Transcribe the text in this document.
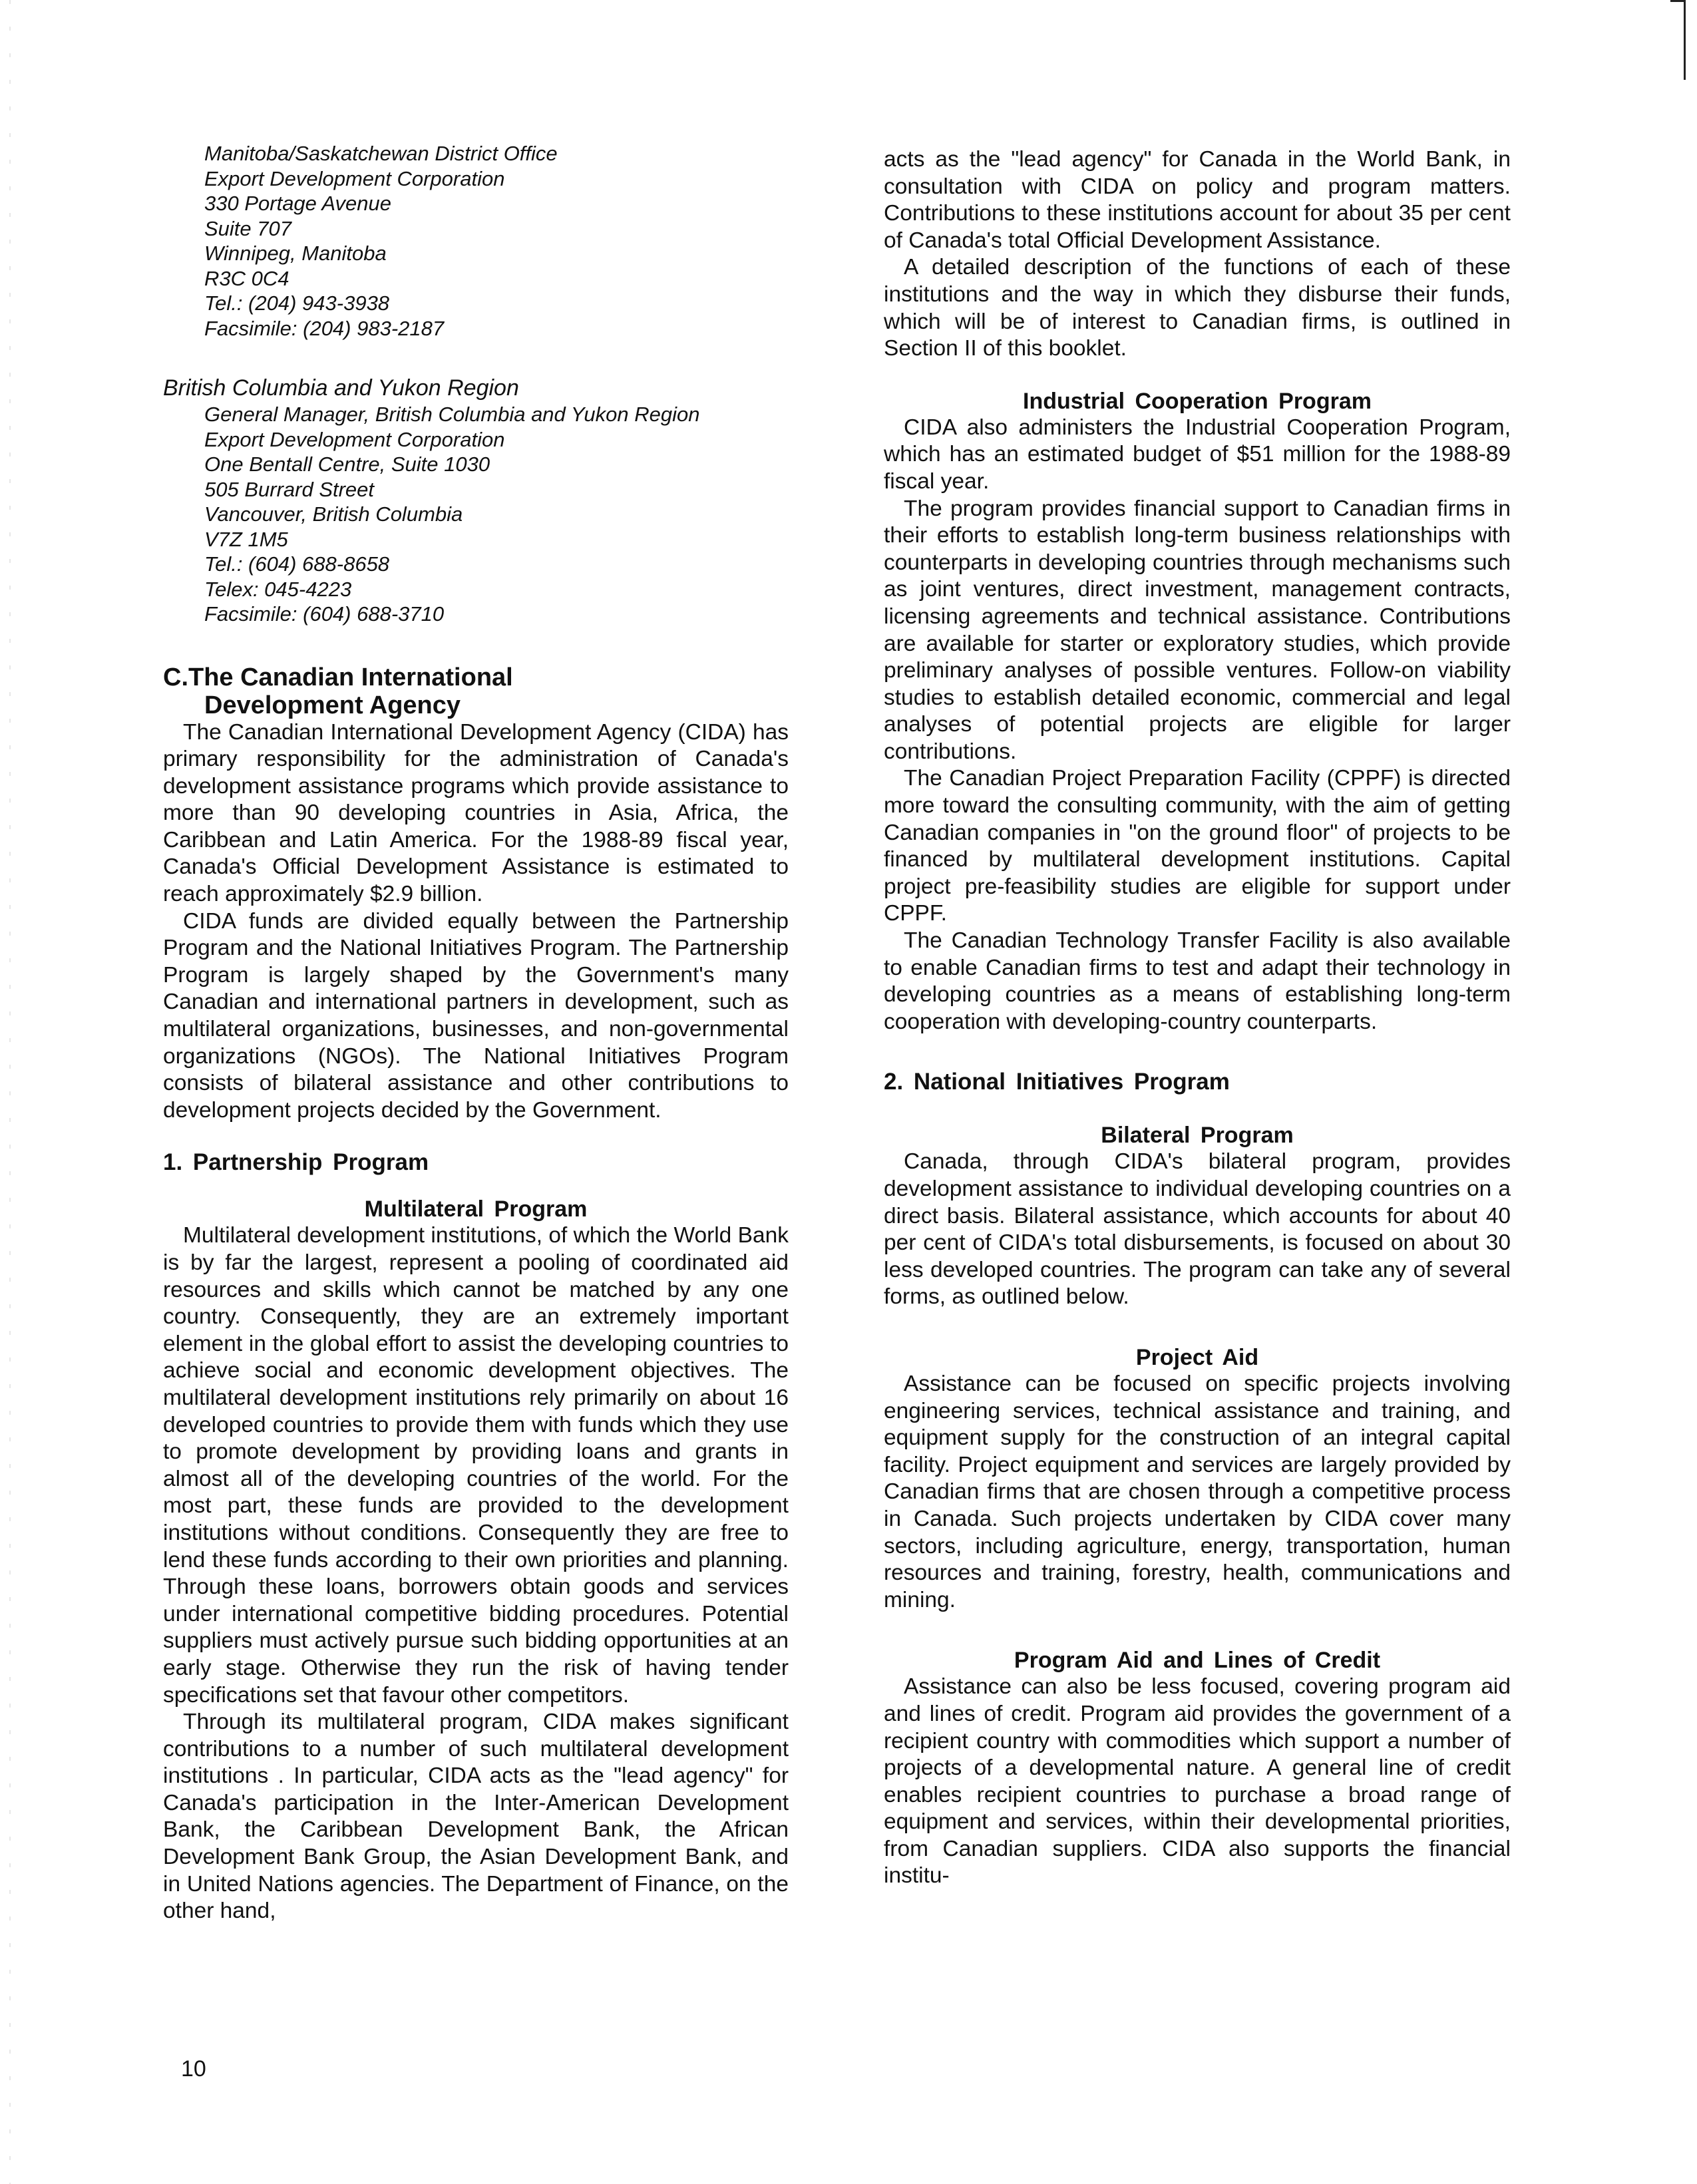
Manitoba/Saskatchewan District Office
Export Development Corporation
330 Portage Avenue
Suite 707
Winnipeg, Manitoba
R3C 0C4
Tel.: (204) 943-3938
Facsimile: (204) 983-2187
British Columbia and Yukon Region
General Manager, British Columbia and Yukon Region
Export Development Corporation
One Bentall Centre, Suite 1030
505 Burrard Street
Vancouver, British Columbia
V7Z 1M5
Tel.: (604) 688-8658
Telex: 045-4223
Facsimile: (604) 688-3710
C.The Canadian International
Development Agency

The Canadian International Development Agency (CIDA) has primary responsibility for the administration of Canada's development assistance programs which provide assistance to more than 90 developing countries in Asia, Africa, the Caribbean and Latin America. For the 1988-89 fiscal year, Canada's Official Development Assistance is estimated to reach approximately $2.9 billion.

CIDA funds are divided equally between the Partnership Program and the National Initiatives Program. The Partnership Program is largely shaped by the Government's many Canadian and international partners in development, such as multilateral organizations, businesses, and non-governmental organizations (NGOs). The National Initiatives Program consists of bilateral assistance and other contributions to development projects decided by the Government.

1. Partnership Program
Multilateral Program

Multilateral development institutions, of which the World Bank is by far the largest, represent a pooling of coordinated aid resources and skills which cannot be matched by any one country. Consequently, they are an extremely important element in the global effort to assist the developing countries to achieve social and economic development objectives. The multilateral development institutions rely primarily on about 16 developed countries to provide them with funds which they use to promote development by providing loans and grants in almost all of the developing countries of the world. For the most part, these funds are provided to the development institutions without conditions. Consequently they are free to lend these funds according to their own priorities and planning. Through these loans, borrowers obtain goods and services under international competitive bidding procedures. Potential suppliers must actively pursue such bidding opportunities at an early stage. Otherwise they run the risk of having tender specifications set that favour other competitors.

Through its multilateral program, CIDA makes significant contributions to a number of such multilateral development institutions . In particular, CIDA acts as the "lead agency" for Canada's participation in the Inter-American Development Bank, the Caribbean Development Bank, the African Development Bank Group, the Asian Development Bank, and in United Nations agencies. The Department of Finance, on the other hand,

acts as the "lead agency" for Canada in the World Bank, in consultation with CIDA on policy and program matters. Contributions to these institutions account for about 35 per cent of Canada's total Official Development Assistance.

A detailed description of the functions of each of these institutions and the way in which they disburse their funds, which will be of interest to Canadian firms, is outlined in Section II of this booklet.

Industrial Cooperation Program

CIDA also administers the Industrial Cooperation Program, which has an estimated budget of $51 million for the 1988-89 fiscal year.

The program provides financial support to Canadian firms in their efforts to establish long-term business relationships with counterparts in developing countries through mechanisms such as joint ventures, direct investment, management contracts, licensing agreements and technical assistance. Contributions are available for starter or exploratory studies, which provide preliminary analyses of possible ventures. Follow-on viability studies to establish detailed economic, commercial and legal analyses of potential projects are eligible for larger contributions.

The Canadian Project Preparation Facility (CPPF) is directed more toward the consulting community, with the aim of getting Canadian companies in "on the ground floor" of projects to be financed by multilateral development institutions. Capital project pre-feasibility studies are eligible for support under CPPF.

The Canadian Technology Transfer Facility is also available to enable Canadian firms to test and adapt their technology in developing countries as a means of establishing long-term cooperation with developing-country counterparts.

2. National Initiatives Program
Bilateral Program

Canada, through CIDA's bilateral program, provides development assistance to individual developing countries on a direct basis. Bilateral assistance, which accounts for about 40 per cent of CIDA's total disbursements, is focused on about 30 less developed countries. The program can take any of several forms, as outlined below.

Project Aid

Assistance can be focused on specific projects involving engineering services, technical assistance and training, and equipment supply for the construction of an integral capital facility. Project equipment and services are largely provided by Canadian firms that are chosen through a competitive process in Canada. Such projects undertaken by CIDA cover many sectors, including agriculture, energy, transportation, human resources and training, forestry, health, communications and mining.

Program Aid and Lines of Credit

Assistance can also be less focused, covering program aid and lines of credit. Program aid provides the government of a recipient country with commodities which support a number of projects of a developmental nature. A general line of credit enables recipient countries to purchase a broad range of equipment and services, within their developmental priorities, from Canadian suppliers. CIDA also supports the financial institu-

10
